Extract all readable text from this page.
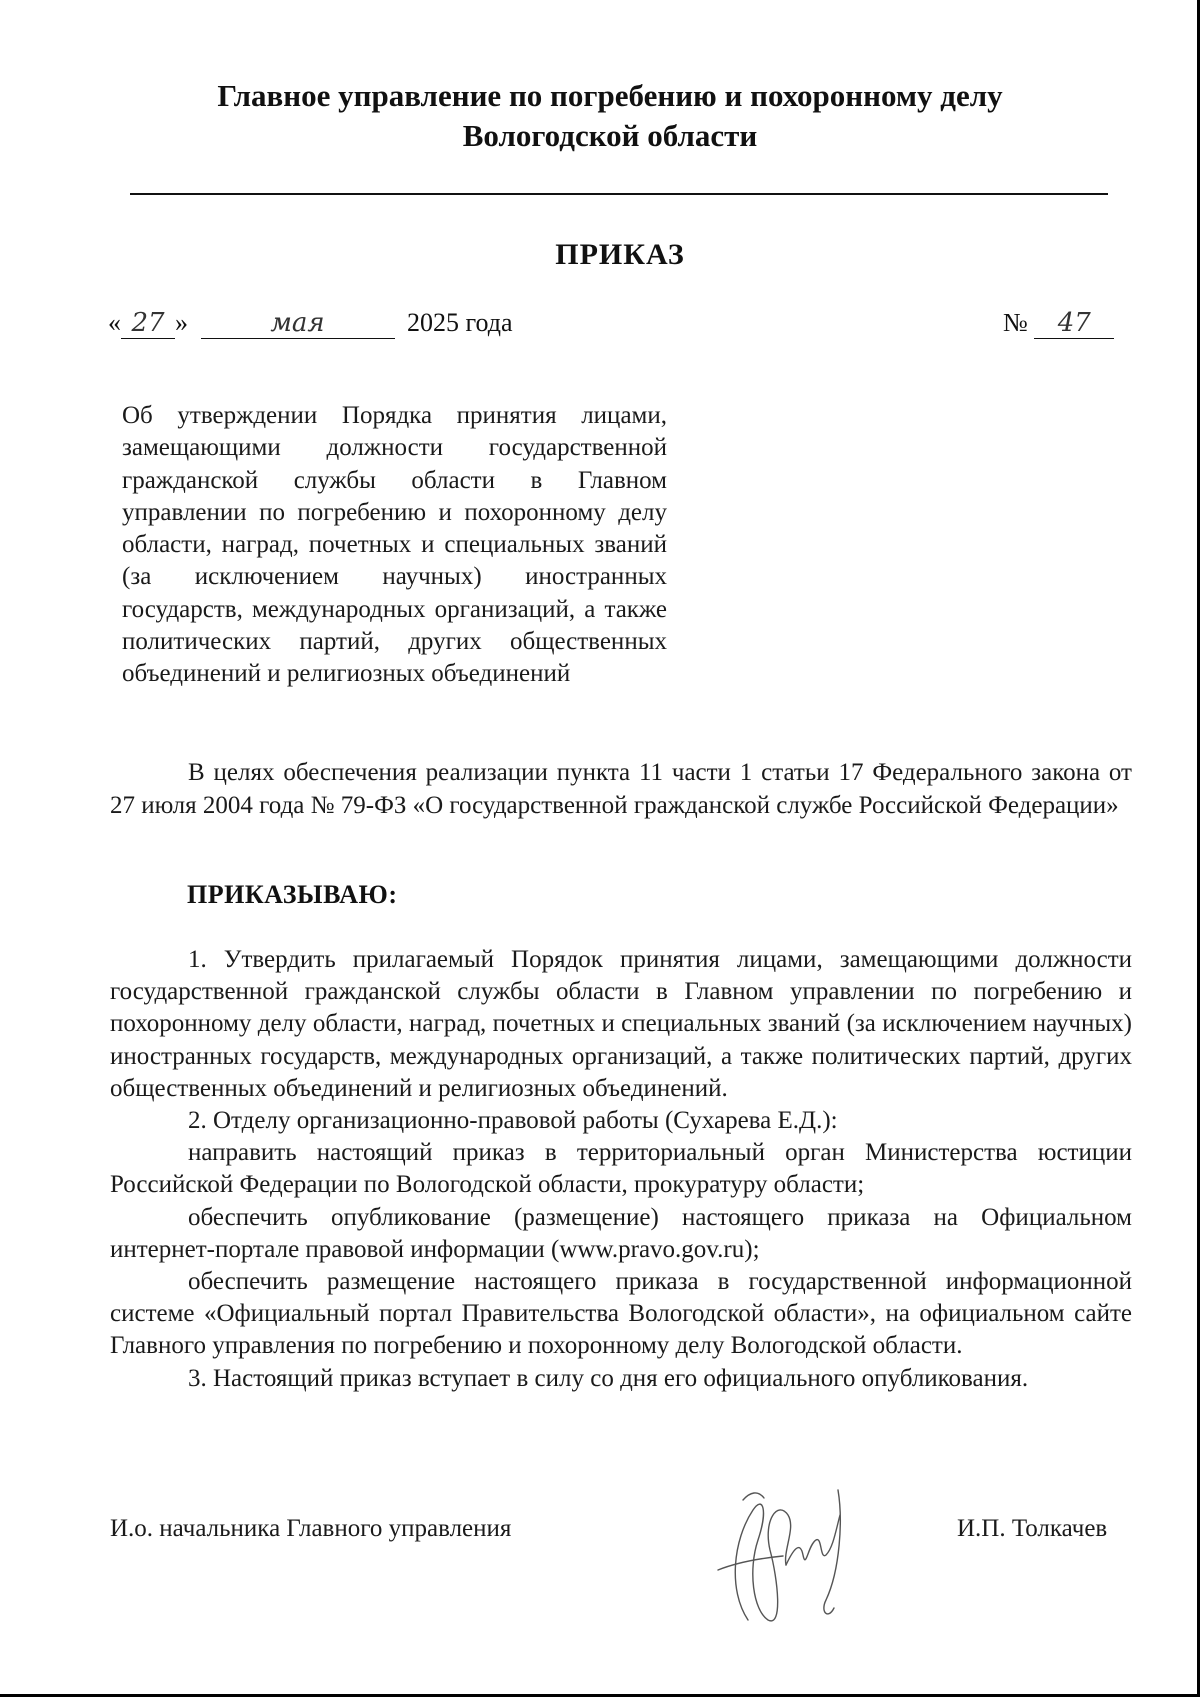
Главное управление по погребению и похоронному делу
Вологодской области
ПРИКАЗ
« 27 »	мая	2025 года	№ 47
Об утверждении Порядка принятия лицами, замещающими должности государственной гражданской службы области в Главном управлении по погребению и похоронному делу области, наград, почетных и специальных званий (за исключением научных) иностранных государств, международных организаций, а также политических партий, других общественных объединений и религиозных объединений
В целях обеспечения реализации пункта 11 части 1 статьи 17 Федерального закона от 27 июля 2004 года № 79-ФЗ «О государственной гражданской службе Российской Федерации»
ПРИКАЗЫВАЮ:

1. Утвердить прилагаемый Порядок принятия лицами, замещающими должности государственной гражданской службы области в Главном управлении по погребению и похоронному делу области, наград, почетных и специальных званий (за исключением научных) иностранных государств, международных организаций, а также политических партий, других общественных объединений и религиозных объединений.

2. Отделу организационно-правовой работы (Сухарева Е.Д.):

направить настоящий приказ в территориальный орган Министерства юстиции Российской Федерации по Вологодской области, прокуратуру области;

обеспечить опубликование (размещение) настоящего приказа на Официальном интернет-портале правовой информации (www.pravo.gov.ru);

обеспечить размещение настоящего приказа в государственной информационной системе «Официальный портал Правительства Вологодской области», на официальном сайте Главного управления по погребению и похоронному делу Вологодской области.

3. Настоящий приказ вступает в силу со дня его официального опубликования.

И.о. начальника Главного управления	И.П. Толкачев
